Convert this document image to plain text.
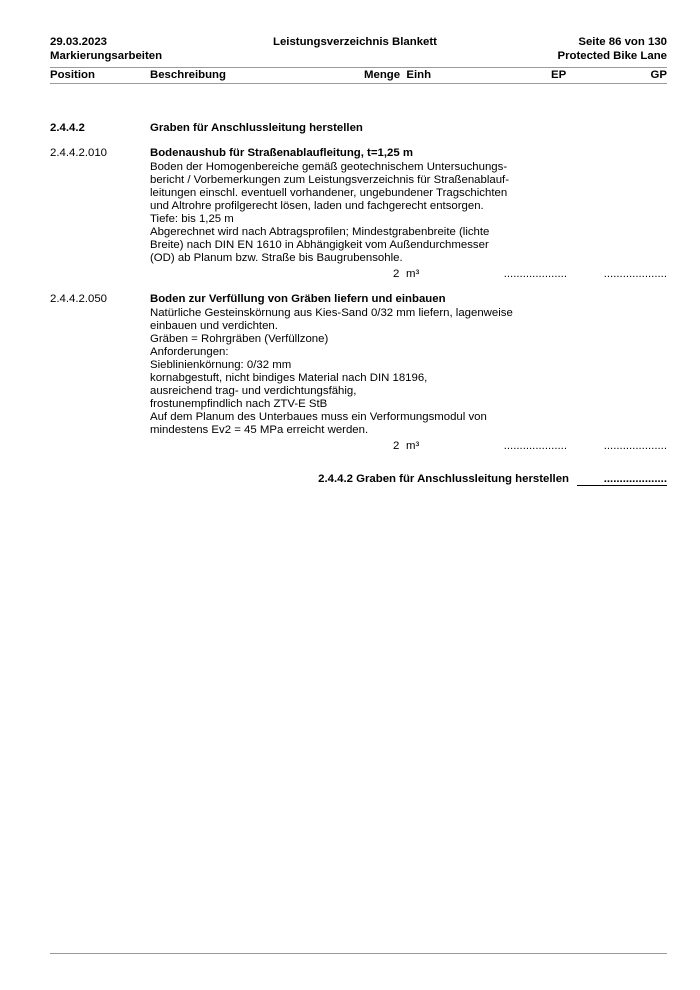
29.03.2023
Markierungsarbeiten
Leistungsverzeichnis Blankett	Seite 86 von 130
Protected Bike Lane
Position	Beschreibung	Menge  Einh	EP	GP
2.4.4.2	Graben für Anschlussleitung herstellen
2.4.4.2.010	Bodenaushub für Straßenablaufleitung, t=1,25 m
Boden der Homogenbereiche gemäß geotechnischem Untersuchungs-
bericht / Vorbemerkungen zum Leistungsverzeichnis für Straßenablauf-
leitungen einschl. eventuell vorhandener, ungebundener Tragschichten
und Altrohre profilgerecht lösen, laden und fachgerecht entsorgen.
Tiefe: bis 1,25 m
Abgerechnet wird nach Abtragsprofilen; Mindestgrabenbreite (lichte
Breite) nach DIN EN 1610 in Abhängigkeit vom Außendurchmesser
(OD) ab Planum bzw. Straße bis Baugrubensohle.
2 m³	....................	....................
2.4.4.2.050	Boden zur Verfüllung von Gräben liefern und einbauen
Natürliche Gesteinskörnung aus Kies-Sand 0/32 mm liefern, lagenweise
einbauen und verdichten.
Gräben = Rohrgräben (Verfüllzone)
Anforderungen:
Sieblinienkörnung: 0/32 mm
kornabgestuft, nicht bindiges Material nach DIN 18196,
ausreichend trag- und verdichtungsfähig,
frostunempfindlich nach ZTV-E StB
Auf dem Planum des Unterbaues muss ein Verformungsmodul von
mindestens Ev2 = 45 MPa erreicht werden.
2 m³	....................	....................
2.4.4.2 Graben für Anschlussleitung herstellen	....................
